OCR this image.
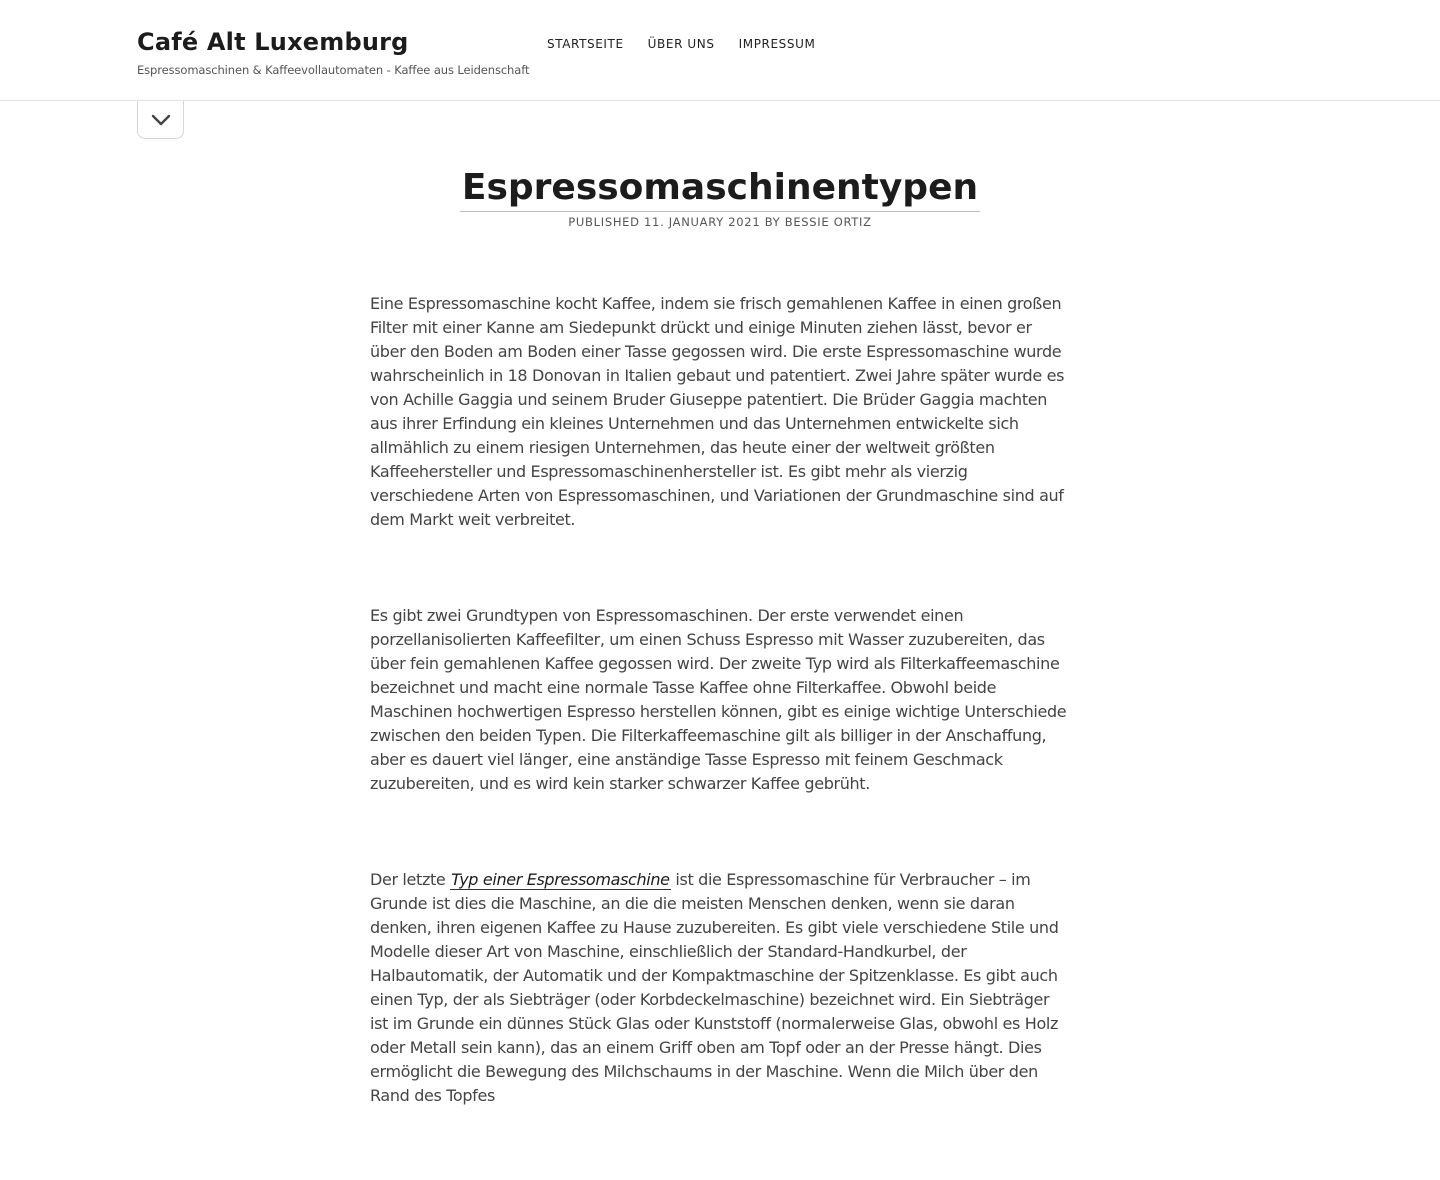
Café Alt Luxemburg
Espressomaschinen & Kaffeevollautomaten - Kaffee aus Leidenschaft
STARTSEITE ÜBER UNS IMPRESSUM
Espressomaschinentypen
PUBLISHED 11. JANUARY 2021 BY BESSIE ORTIZ

Eine Espressomaschine kocht Kaffee, indem sie frisch gemahlenen Kaffee in einen großen Filter mit einer Kanne am Siedepunkt drückt und einige Minuten ziehen lässt, bevor er über den Boden am Boden einer Tasse gegossen wird. Die erste Espressomaschine wurde wahrscheinlich in 18 Donovan in Italien gebaut und patentiert. Zwei Jahre später wurde es von Achille Gaggia und seinem Bruder Giuseppe patentiert. Die Brüder Gaggia machten aus ihrer Erfindung ein kleines Unternehmen und das Unternehmen entwickelte sich allmählich zu einem riesigen Unternehmen, das heute einer der weltweit größten Kaffeehersteller und Espressomaschinenhersteller ist. Es gibt mehr als vierzig verschiedene Arten von Espressomaschinen, und Variationen der Grundmaschine sind auf dem Markt weit verbreitet.

Es gibt zwei Grundtypen von Espressomaschinen. Der erste verwendet einen porzellanisolierten Kaffeefilter, um einen Schuss Espresso mit Wasser zuzubereiten, das über fein gemahlenen Kaffee gegossen wird. Der zweite Typ wird als Filterkaffeemaschine bezeichnet und macht eine normale Tasse Kaffee ohne Filterkaffee. Obwohl beide Maschinen hochwertigen Espresso herstellen können, gibt es einige wichtige Unterschiede zwischen den beiden Typen. Die Filterkaffeemaschine gilt als billiger in der Anschaffung, aber es dauert viel länger, eine anständige Tasse Espresso mit feinem Geschmack zuzubereiten, und es wird kein starker schwarzer Kaffee gebrüht.

Der letzte Typ einer Espressomaschine ist die Espressomaschine für Verbraucher – im Grunde ist dies die Maschine, an die die meisten Menschen denken, wenn sie daran denken, ihren eigenen Kaffee zu Hause zuzubereiten. Es gibt viele verschiedene Stile und Modelle dieser Art von Maschine, einschließlich der Standard-Handkurbel, der Halbautomatik, der Automatik und der Kompaktmaschine der Spitzenklasse. Es gibt auch einen Typ, der als Siebträger (oder Korbdeckelmaschine) bezeichnet wird. Ein Siebträger ist im Grunde ein dünnes Stück Glas oder Kunststoff (normalerweise Glas, obwohl es Holz oder Metall sein kann), das an einem Griff oben am Topf oder an der Presse hängt. Dies ermöglicht die Bewegung des Milchschaums in der Maschine. Wenn die Milch über den Rand des Topfes
